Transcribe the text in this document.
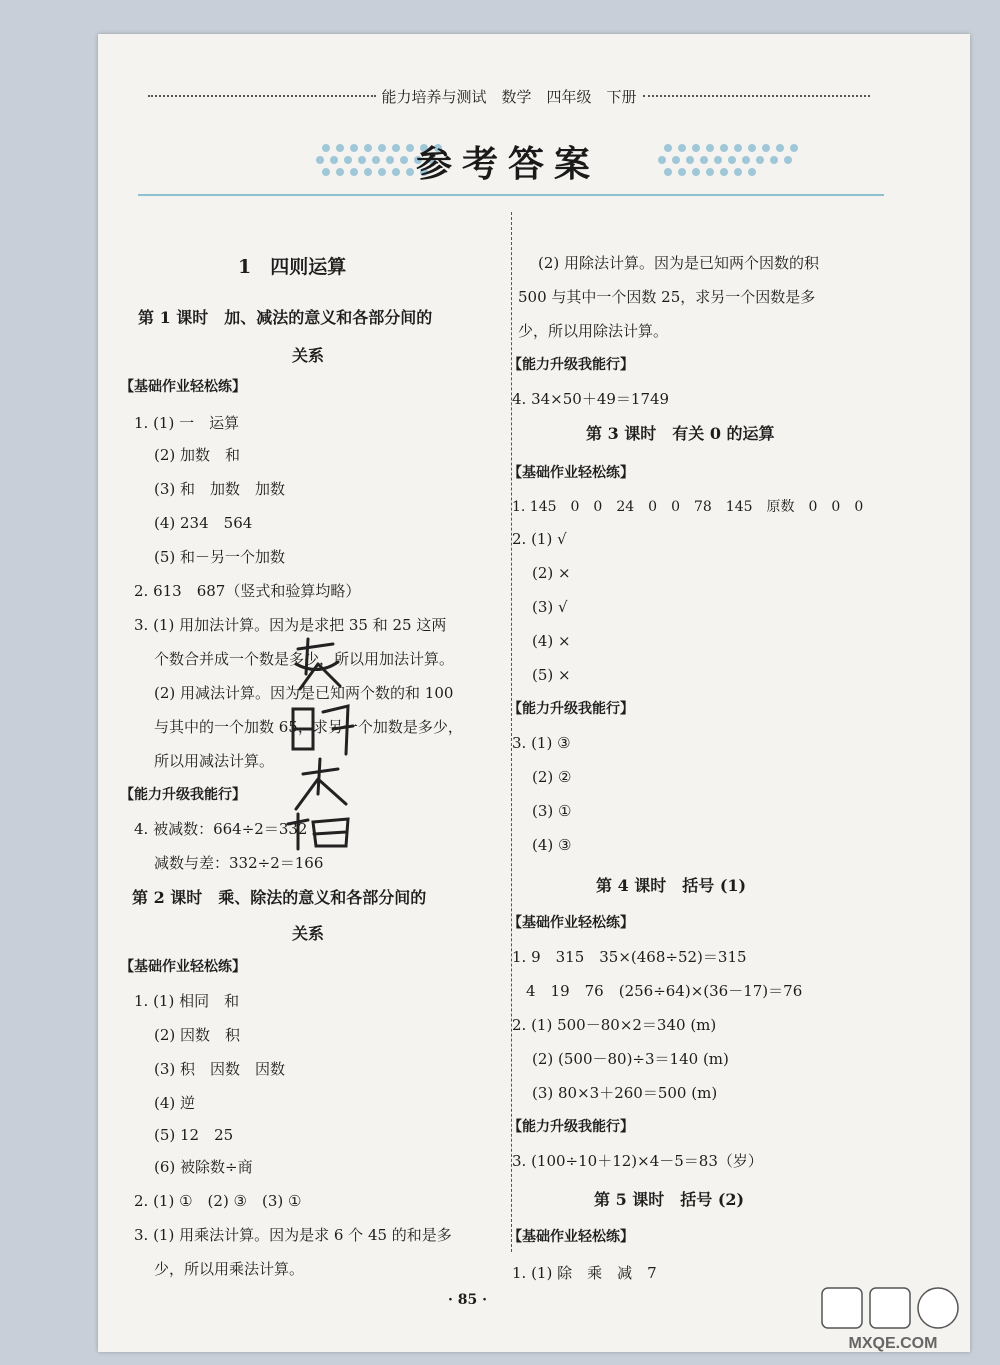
能力培养与测试　数学　四年级　下册
参考答案
1　四则运算
第 1 课时　加、减法的意义和各部分间的
关系
【基础作业轻松练】
1. (1) 一　运算
(2) 加数　和
(3) 和　加数　加数
(4) 234　564
(5) 和－另一个加数
2. 613　687（竖式和验算均略）
3. (1) 用加法计算。因为是求把 35 和 25 这两
个数合并成一个数是多少，所以用加法计算。
(2) 用减法计算。因为是已知两个数的和 100
与其中的一个加数 65，求另一个加数是多少，
所以用减法计算。
【能力升级我能行】
4. 被减数：664÷2＝332
减数与差：332÷2＝166
第 2 课时　乘、除法的意义和各部分间的
关系
【基础作业轻松练】
1. (1) 相同　和
(2) 因数　积
(3) 积　因数　因数
(4) 逆
(5) 12　25
(6) 被除数÷商
2. (1) ①　(2) ③　(3) ①
3. (1) 用乘法计算。因为是求 6 个 45 的和是多
少，所以用乘法计算。
(2) 用除法计算。因为是已知两个因数的积
500 与其中一个因数 25，求另一个因数是多
少，所以用除法计算。
【能力升级我能行】
4. 34×50＋49＝1749
第 3 课时　有关 0 的运算
【基础作业轻松练】
1. 145　0　0　24　0　0　78　145　原数　0　0　0
2. (1) √
(2) ×
(3) √
(4) ×
(5) ×
【能力升级我能行】
3. (1) ③
(2) ②
(3) ①
(4) ③
第 4 课时　括号 (1)
【基础作业轻松练】
1. 9　315　35×(468÷52)＝315
4　19　76　(256÷64)×(36－17)＝76
2. (1) 500－80×2＝340 (m)
(2) (500－80)÷3＝140 (m)
(3) 80×3＋260＝500 (m)
【能力升级我能行】
3. (100÷10＋12)×4－5＝83（岁）
第 5 课时　括号 (2)
【基础作业轻松练】
1. (1) 除　乘　减　7
· 85 ·
MXQE.COM
